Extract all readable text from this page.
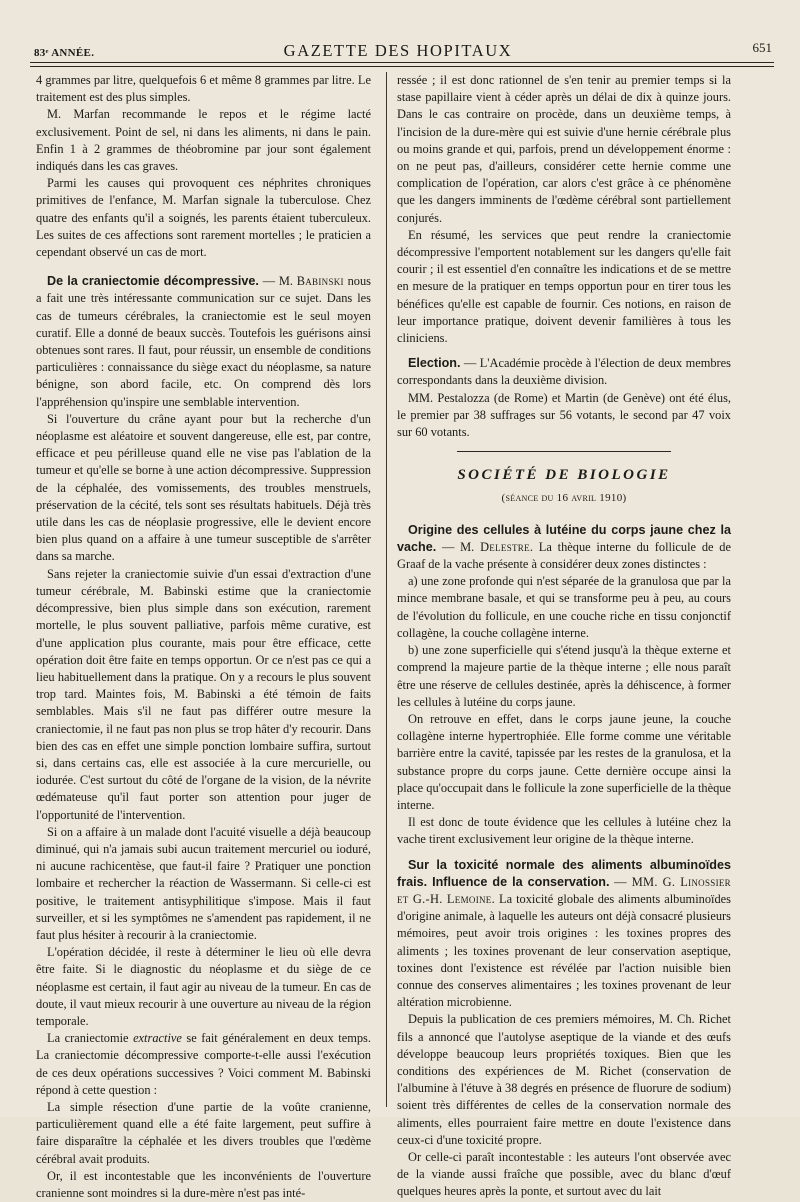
83ᵉ ANNÉE.	GAZETTE DES HOPITAUX	651

4 grammes par litre, quelquefois 6 et même 8 grammes par litre. Le traitement est des plus simples.

M. Marfan recommande le repos et le régime lacté exclusivement. Point de sel, ni dans les aliments, ni dans le pain. Enfin 1 à 2 grammes de théobromine par jour sont également indiqués dans les cas graves.

Parmi les causes qui provoquent ces néphrites chroniques primitives de l'enfance, M. Marfan signale la tuberculose. Chez quatre des enfants qu'il a soignés, les parents étaient tuberculeux. Les suites de ces affections sont rarement mortelles ; le praticien a cependant observé un cas de mort.

De la craniectomie décompressive. — M. Babinski nous a fait une très intéressante communication sur ce sujet. Dans les cas de tumeurs cérébrales, la craniectomie est le seul moyen curatif. Elle a donné de beaux succès. Toutefois les guérisons ainsi obtenues sont rares. Il faut, pour réussir, un ensemble de conditions particulières : connaissance du siège exact du néoplasme, sa nature bénigne, son abord facile, etc. On comprend dès lors l'appréhension qu'inspire une semblable intervention.

Si l'ouverture du crâne ayant pour but la recherche d'un néoplasme est aléatoire et souvent dangereuse, elle est, par contre, efficace et peu périlleuse quand elle ne vise pas l'ablation de la tumeur et qu'elle se borne à une action décompressive. Suppression de la céphalée, des vomissements, des troubles menstruels, préservation de la cécité, tels sont ses résultats habituels. Déjà très utile dans les cas de néoplasie progressive, elle le devient encore bien plus quand on a affaire à une tumeur susceptible de s'arrêter dans sa marche.

Sans rejeter la craniectomie suivie d'un essai d'extraction d'une tumeur cérébrale, M. Babinski estime que la craniectomie décompressive, bien plus simple dans son exécution, rarement mortelle, le plus souvent palliative, parfois même curative, est d'une application plus courante, mais pour être efficace, cette opération doit être faite en temps opportun. Or ce n'est pas ce qui a lieu habituellement dans la pratique. On y a recours le plus souvent trop tard. Maintes fois, M. Babinski a été témoin de faits semblables. Mais s'il ne faut pas différer outre mesure la craniectomie, il ne faut pas non plus se trop hâter d'y recourir. Dans bien des cas en effet une simple ponction lombaire suffira, surtout si, dans certains cas, elle est associée à la cure mercurielle, ou iodurée. C'est surtout du côté de l'organe de la vision, de la névrite œdémateuse qu'il faut porter son attention pour juger de l'opportunité de l'intervention.

Si on a affaire à un malade dont l'acuité visuelle a déjà beaucoup diminué, qui n'a jamais subi aucun traitement mercuriel ou ioduré, ni aucune rachicentèse, que faut-il faire ? Pratiquer une ponction lombaire et rechercher la réaction de Wassermann. Si celle-ci est positive, le traitement antisyphilitique s'impose. Mais il faut surveiller, et si les symptômes ne s'amendent pas rapidement, il ne faut plus hésiter à recourir à la craniectomie.

L'opération décidée, il reste à déterminer le lieu où elle devra être faite. Si le diagnostic du néoplasme et du siège de ce néoplasme est certain, il faut agir au niveau de la tumeur. En cas de doute, il vaut mieux recourir à une ouverture au niveau de la région temporale.

La craniectomie extractive se fait généralement en deux temps. La craniectomie décompressive comporte-t-elle aussi l'exécution de ces deux opérations successives ? Voici comment M. Babinski répond à cette question :

La simple résection d'une partie de la voûte cranienne, particulièrement quand elle a été faite largement, peut suffire à faire disparaître la céphalée et les divers troubles que l'œdème cérébral avait produits.

Or, il est incontestable que les inconvénients de l'ouverture cranienne sont moindres si la dure-mère n'est pas inté-

ressée ; il est donc rationnel de s'en tenir au premier temps si la stase papillaire vient à céder après un délai de dix à quinze jours. Dans le cas contraire on procède, dans un deuxième temps, à l'incision de la dure-mère qui est suivie d'une hernie cérébrale plus ou moins grande et qui, parfois, prend un développement énorme : on ne peut pas, d'ailleurs, considérer cette hernie comme une complication de l'opération, car alors c'est grâce à ce phénomène que les dangers imminents de l'œdème cérébral sont partiellement conjurés.

En résumé, les services que peut rendre la craniectomie décompressive l'emportent notablement sur les dangers qu'elle fait courir ; il est essentiel d'en connaître les indications et de se mettre en mesure de la pratiquer en temps opportun pour en tirer tous les bénéfices qu'elle est capable de fournir. Ces notions, en raison de leur importance pratique, doivent devenir familières à tous les cliniciens.

Election. — L'Académie procède à l'élection de deux membres correspondants dans la deuxième division.

MM. Pestalozza (de Rome) et Martin (de Genève) ont été élus, le premier par 38 suffrages sur 56 votants, le second par 47 voix sur 60 votants.

SOCIÉTÉ DE BIOLOGIE
(séance du 16 avril 1910)

Origine des cellules à lutéine du corps jaune chez la vache. — M. Delestre. La thèque interne du follicule de de Graaf de la vache présente à considérer deux zones distinctes :

a) une zone profonde qui n'est séparée de la granulosa que par la mince membrane basale, et qui se transforme peu à peu, au cours de l'évolution du follicule, en une couche riche en tissu conjonctif collagène, la couche collagène interne.

b) une zone superficielle qui s'étend jusqu'à la thèque externe et comprend la majeure partie de la thèque interne ; elle nous paraît être une réserve de cellules destinée, après la déhiscence, à former les cellules à lutéine du corps jaune.

On retrouve en effet, dans le corps jaune jeune, la couche collagène interne hypertrophiée. Elle forme comme une véritable barrière entre la cavité, tapissée par les restes de la granulosa, et la substance propre du corps jaune. Cette dernière occupe ainsi la place qu'occupait dans le follicule la zone superficielle de la thèque interne.

Il est donc de toute évidence que les cellules à lutéine chez la vache tirent exclusivement leur origine de la thèque interne.

Sur la toxicité normale des aliments albuminoïdes frais. Influence de la conservation. — MM. G. Linossier et G.-H. Lemoine. La toxicité globale des aliments albuminoïdes d'origine animale, à laquelle les auteurs ont déjà consacré plusieurs mémoires, peut avoir trois origines : les toxines propres des aliments ; les toxines provenant de leur conservation aseptique, toxines dont l'existence est révélée par l'action nuisible bien connue des conserves alimentaires ; les toxines provenant de leur altération microbienne.

Depuis la publication de ces premiers mémoires, M. Ch. Richet fils a annoncé que l'autolyse aseptique de la viande et des œufs développe beaucoup leurs propriétés toxiques. Bien que les conditions des expériences de M. Richet (conservation de l'albumine à l'étuve à 38 degrés en présence de fluorure de sodium) soient très différentes de celles de la conservation normale des aliments, elles pourraient faire mettre en doute l'existence dans ceux-ci d'une toxicité propre.

Or celle-ci paraît incontestable : les auteurs l'ont observée avec de la viande aussi fraîche que possible, avec du blanc d'œuf quelques heures après la ponte, et surtout avec du lait
